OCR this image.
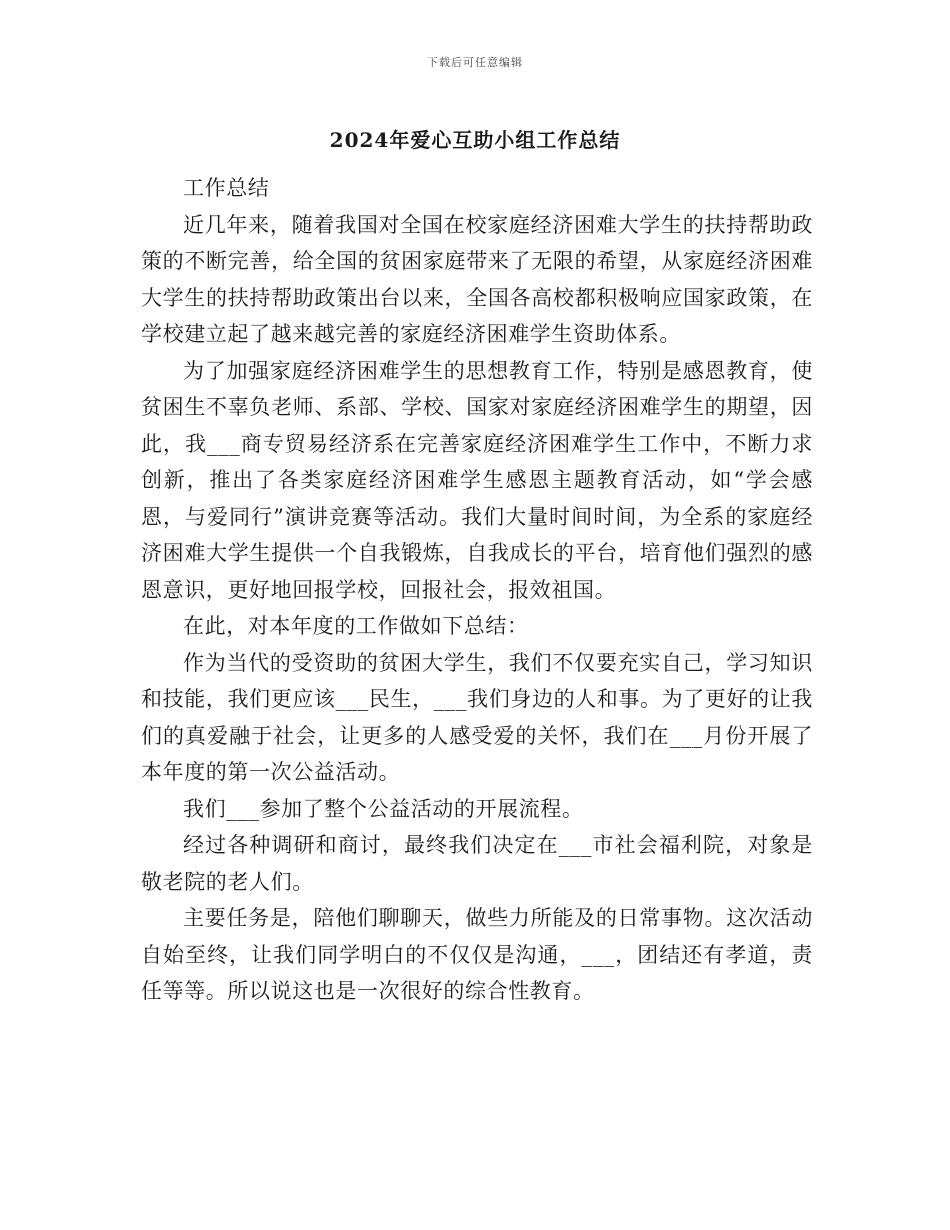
下载后可任意编辑
2024年爱心互助小组工作总结

工作总结

近几年来，随着我国对全国在校家庭经济困难大学生的扶持帮助政策的不断完善，给全国的贫困家庭带来了无限的希望，从家庭经济困难大学生的扶持帮助政策出台以来，全国各高校都积极响应国家政策，在学校建立起了越来越完善的家庭经济困难学生资助体系。

为了加强家庭经济困难学生的思想教育工作，特别是感恩教育，使贫困生不辜负老师、系部、学校、国家对家庭经济困难学生的期望，因此，我___商专贸易经济系在完善家庭经济困难学生工作中，不断力求创新，推出了各类家庭经济困难学生感恩主题教育活动，如“学会感恩，与爱同行”演讲竞赛等活动。我们大量时间时间，为全系的家庭经济困难大学生提供一个自我锻炼，自我成长的平台，培育他们强烈的感恩意识，更好地回报学校，回报社会，报效祖国。

在此，对本年度的工作做如下总结：

作为当代的受资助的贫困大学生，我们不仅要充实自己，学习知识和技能，我们更应该___民生，___我们身边的人和事。为了更好的让我们的真爱融于社会，让更多的人感受爱的关怀，我们在___月份开展了本年度的第一次公益活动。

我们___参加了整个公益活动的开展流程。

经过各种调研和商讨，最终我们决定在___市社会福利院，对象是敬老院的老人们。

主要任务是，陪他们聊聊天，做些力所能及的日常事物。这次活动自始至终，让我们同学明白的不仅仅是沟通，___，团结还有孝道，责任等等。所以说这也是一次很好的综合性教育。
